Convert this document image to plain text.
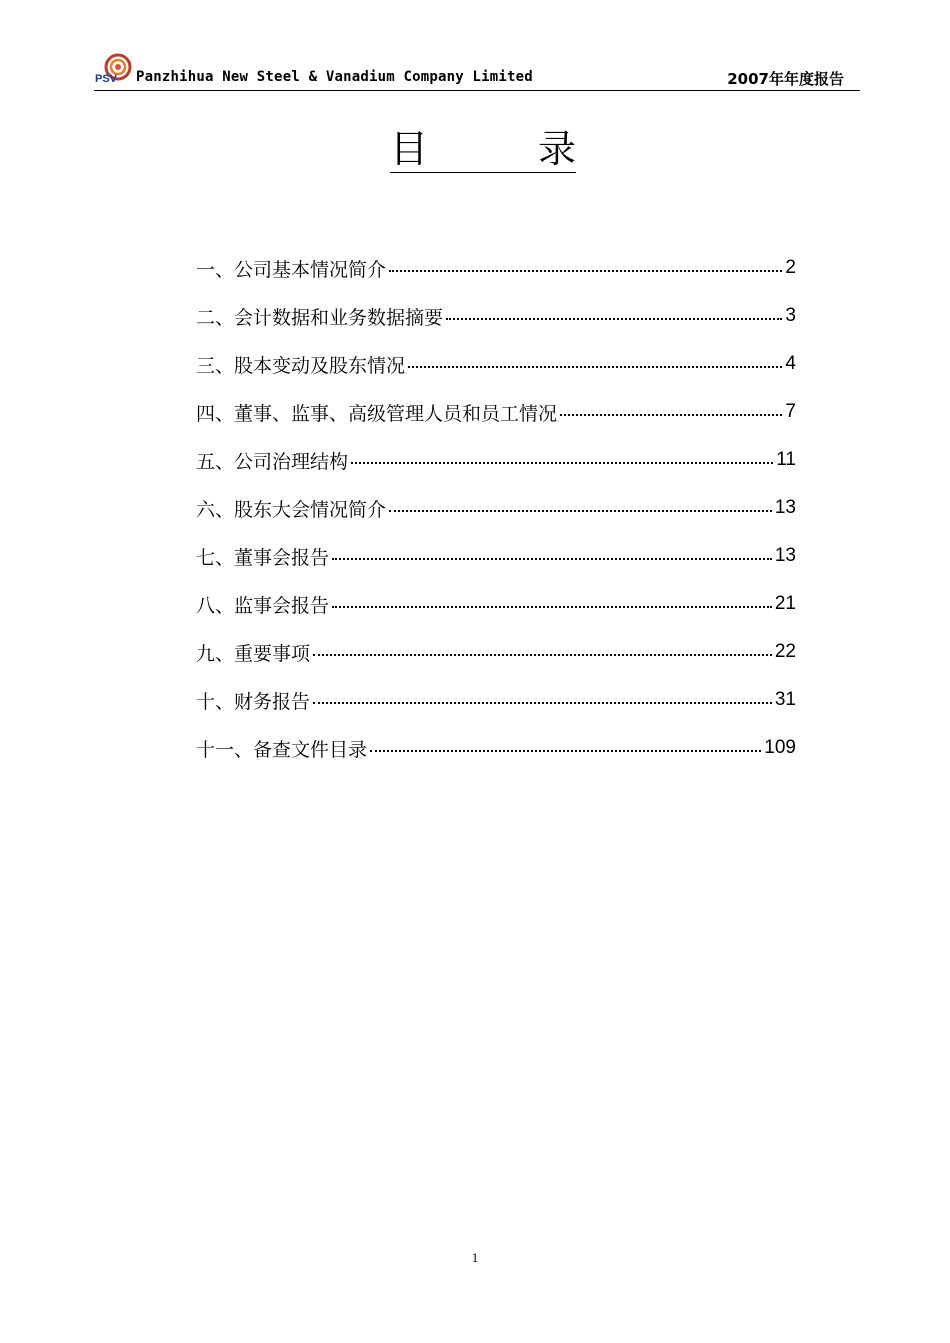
PSV Panzhihua New Steel & Vanadium Company Limited	2007年年度报告
目	录
一、公司基本情况简介	2
二、会计数据和业务数据摘要	3
三、股本变动及股东情况	4
四、董事、监事、高级管理人员和员工情况	7
五、公司治理结构	11
六、股东大会情况简介	13
七、董事会报告	13
八、监事会报告	21
九、重要事项	22
十、财务报告	31
十一、备查文件目录	109
1
